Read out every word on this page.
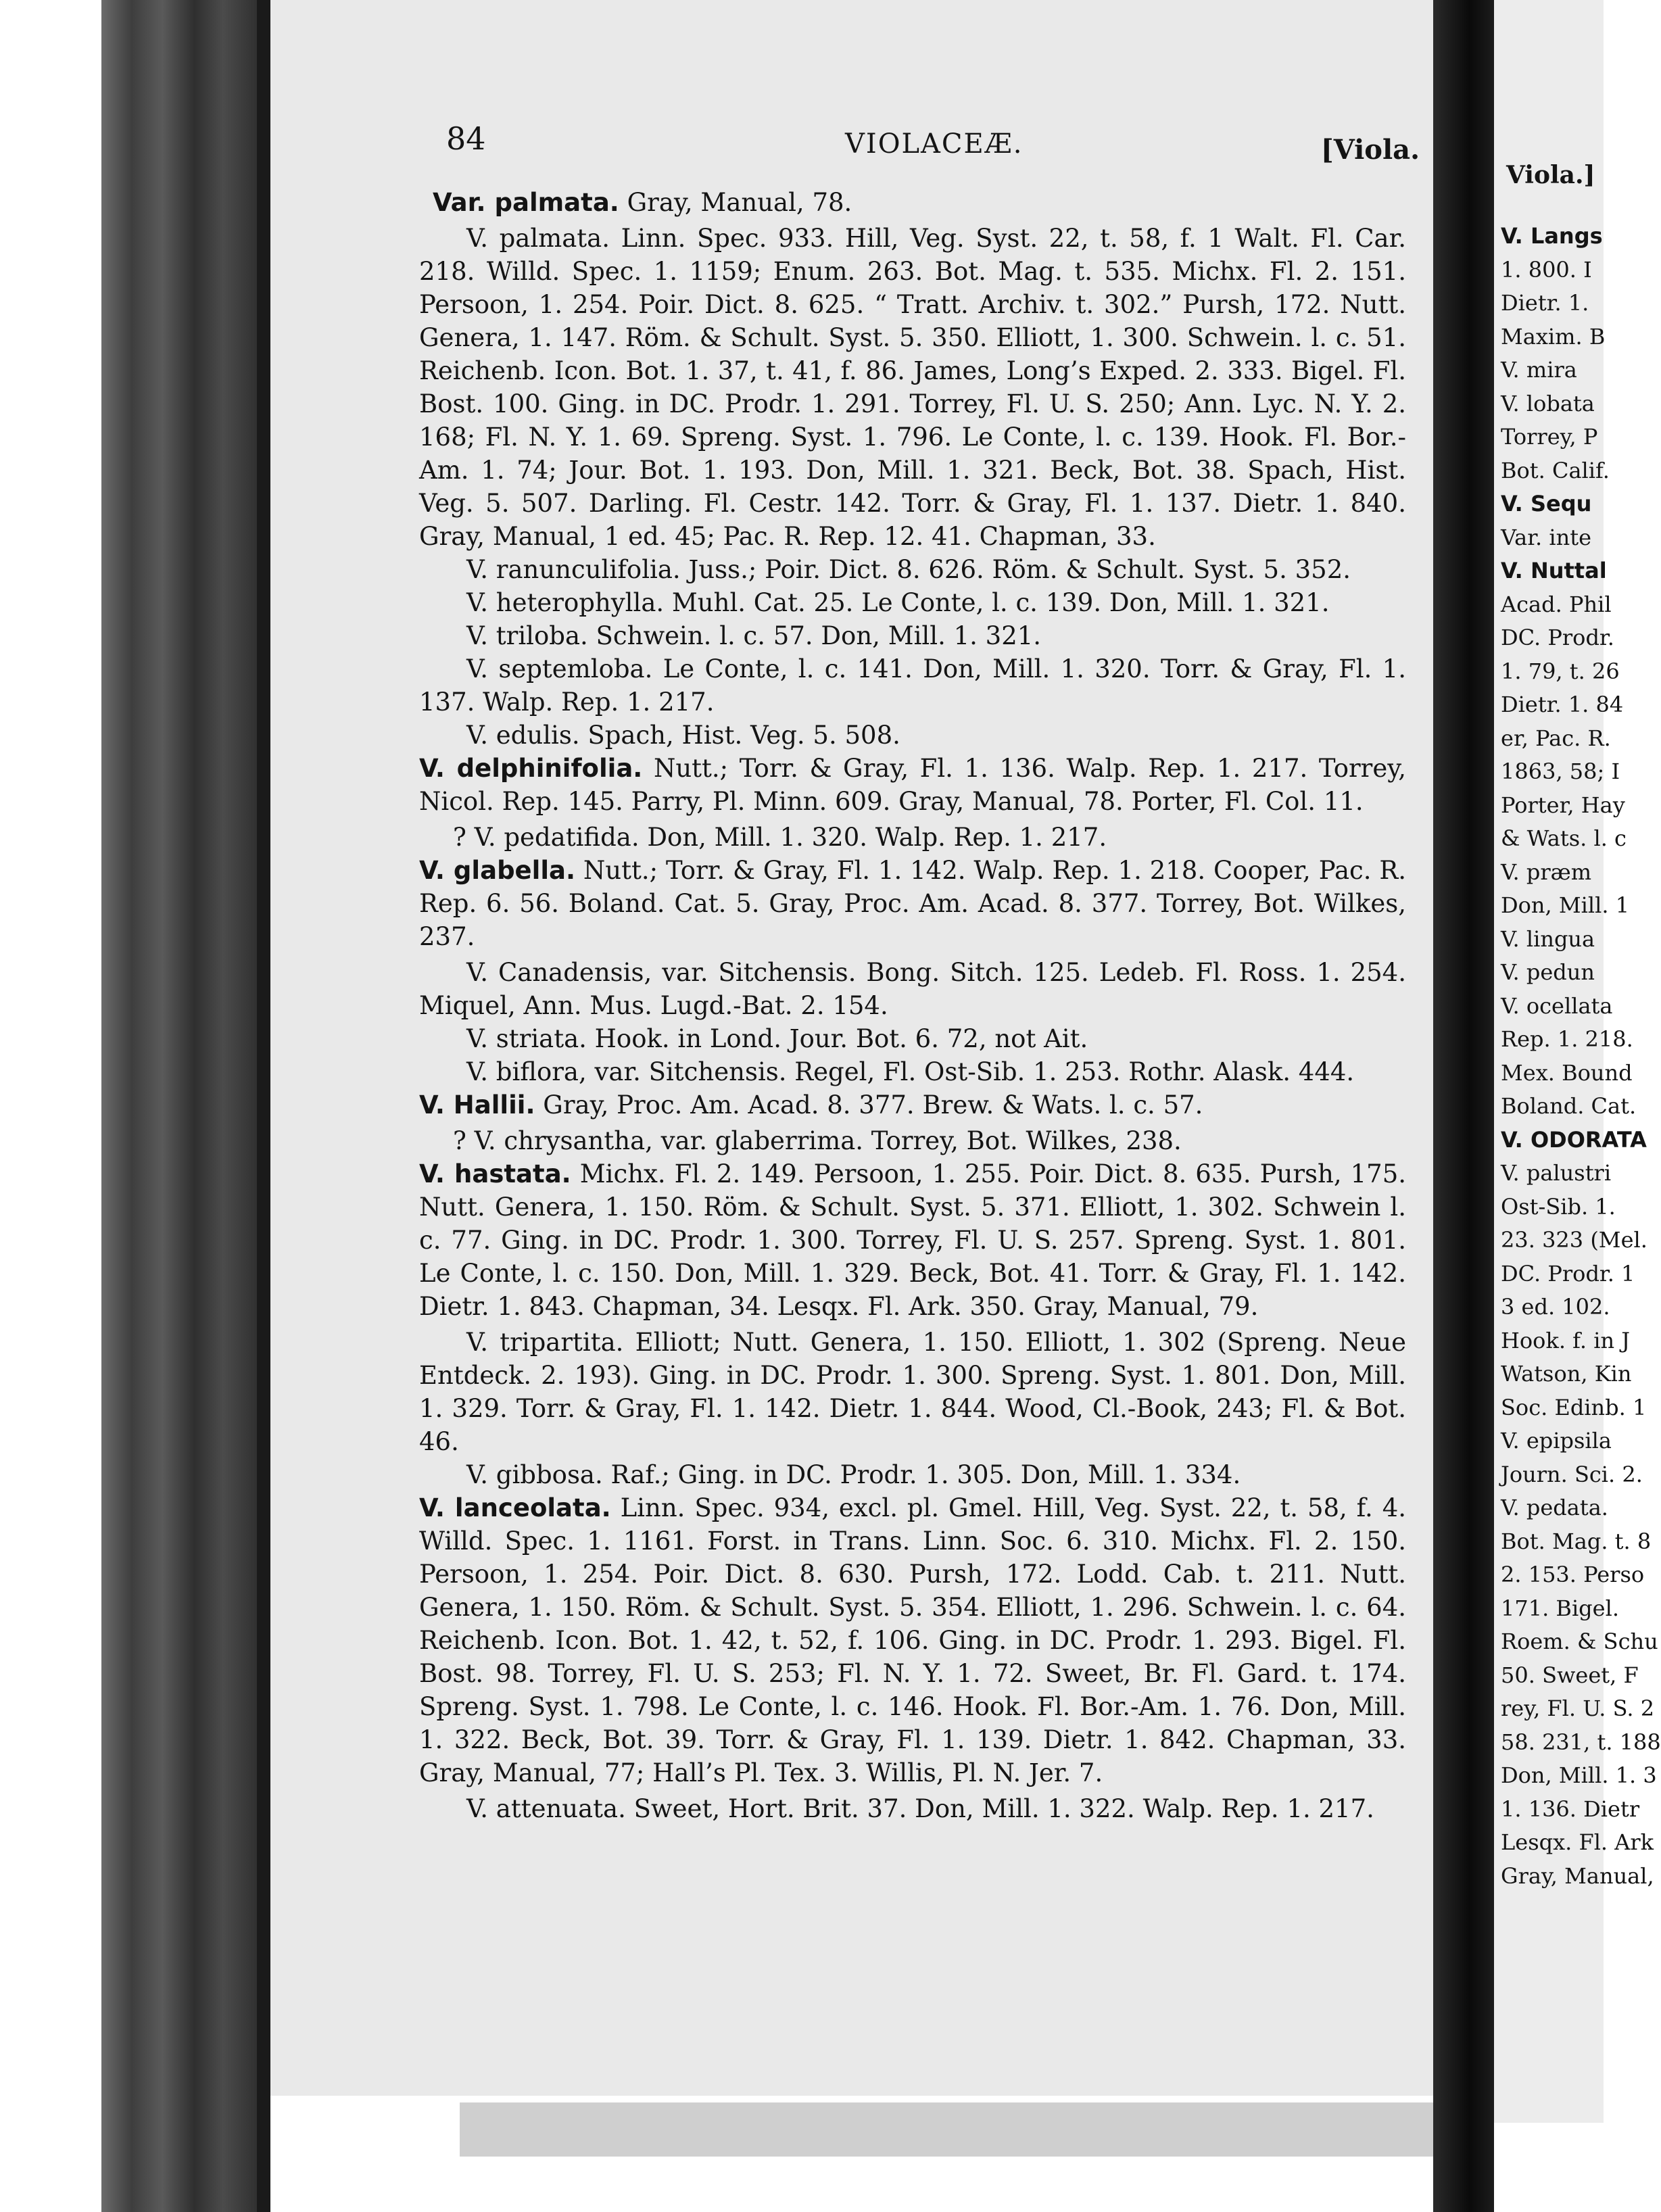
Viola.]
V. Langs
1. 800. I
Dietr. 1.
Maxim. B
V. mira
V. lobata
Torrey, P
Bot. Calif.
V. Sequ
Var. inte
V. Nuttal
Acad. Phil
DC. Prodr.
1. 79, t. 26
Dietr. 1. 84
er, Pac. R.
1863, 58; I
Porter, Hay
& Wats. l. c
V. præm
Don, Mill. 1
V. lingua
V. pedun
V. ocellata
Rep. 1. 218.
Mex. Bound
Boland. Cat.
V. ODORATA
V. palustri
Ost-Sib. 1.
23. 323 (Mel.
DC. Prodr. 1
3 ed. 102.
Hook. f. in J
Watson, Kin
Soc. Edinb. 1
V. epipsila
Journ. Sci. 2.
V. pedata.
Bot. Mag. t. 8
2. 153. Perso
171. Bigel.
Roem. & Schu
50. Sweet, F
rey, Fl. U. S. 2
58. 231, t. 188
Don, Mill. 1. 3
1. 136. Dietr
Lesqx. Fl. Ark
Gray, Manual,
84	VIOLACEÆ.	[Viola.
Var. palmata. Gray, Manual, 78.
V. palmata. Linn. Spec. 933. Hill, Veg. Syst. 22, t. 58, f. 1 Walt. Fl. Car. 218. Willd. Spec. 1. 1159; Enum. 263. Bot. Mag. t. 535. Michx. Fl. 2. 151. Persoon, 1. 254. Poir. Dict. 8. 625. “ Tratt. Archiv. t. 302.” Pursh, 172. Nutt. Genera, 1. 147. Röm. & Schult. Syst. 5. 350. Elliott, 1. 300. Schwein. l. c. 51. Reichenb. Icon. Bot. 1. 37, t. 41, f. 86. James, Long’s Exped. 2. 333. Bigel. Fl. Bost. 100. Ging. in DC. Prodr. 1. 291. Torrey, Fl. U. S. 250; Ann. Lyc. N. Y. 2. 168; Fl. N. Y. 1. 69. Spreng. Syst. 1. 796. Le Conte, l. c. 139. Hook. Fl. Bor.-Am. 1. 74; Jour. Bot. 1. 193. Don, Mill. 1. 321. Beck, Bot. 38. Spach, Hist. Veg. 5. 507. Darling. Fl. Cestr. 142. Torr. & Gray, Fl. 1. 137. Dietr. 1. 840. Gray, Manual, 1 ed. 45; Pac. R. Rep. 12. 41. Chapman, 33.
V. ranunculifolia. Juss.; Poir. Dict. 8. 626. Röm. & Schult. Syst. 5. 352.
V. heterophylla. Muhl. Cat. 25. Le Conte, l. c. 139. Don, Mill. 1. 321.
V. triloba. Schwein. l. c. 57. Don, Mill. 1. 321.
V. septemloba. Le Conte, l. c. 141. Don, Mill. 1. 320. Torr. & Gray, Fl. 1. 137. Walp. Rep. 1. 217.
V. edulis. Spach, Hist. Veg. 5. 508.
V. delphinifolia. Nutt.; Torr. & Gray, Fl. 1. 136. Walp. Rep. 1. 217. Torrey, Nicol. Rep. 145. Parry, Pl. Minn. 609. Gray, Manual, 78. Porter, Fl. Col. 11.
? V. pedatifida. Don, Mill. 1. 320. Walp. Rep. 1. 217.
V. glabella. Nutt.; Torr. & Gray, Fl. 1. 142. Walp. Rep. 1. 218. Cooper, Pac. R. Rep. 6. 56. Boland. Cat. 5. Gray, Proc. Am. Acad. 8. 377. Torrey, Bot. Wilkes, 237.
V. Canadensis, var. Sitchensis. Bong. Sitch. 125. Ledeb. Fl. Ross. 1. 254. Miquel, Ann. Mus. Lugd.-Bat. 2. 154.
V. striata. Hook. in Lond. Jour. Bot. 6. 72, not Ait.
V. biflora, var. Sitchensis. Regel, Fl. Ost-Sib. 1. 253. Rothr. Alask. 444.
V. Hallii. Gray, Proc. Am. Acad. 8. 377. Brew. & Wats. l. c. 57.
? V. chrysantha, var. glaberrima. Torrey, Bot. Wilkes, 238.
V. hastata. Michx. Fl. 2. 149. Persoon, 1. 255. Poir. Dict. 8. 635. Pursh, 175. Nutt. Genera, 1. 150. Röm. & Schult. Syst. 5. 371. Elliott, 1. 302. Schwein l. c. 77. Ging. in DC. Prodr. 1. 300. Torrey, Fl. U. S. 257. Spreng. Syst. 1. 801. Le Conte, l. c. 150. Don, Mill. 1. 329. Beck, Bot. 41. Torr. & Gray, Fl. 1. 142. Dietr. 1. 843. Chapman, 34. Lesqx. Fl. Ark. 350. Gray, Manual, 79.
V. tripartita. Elliott; Nutt. Genera, 1. 150. Elliott, 1. 302 (Spreng. Neue Entdeck. 2. 193). Ging. in DC. Prodr. 1. 300. Spreng. Syst. 1. 801. Don, Mill. 1. 329. Torr. & Gray, Fl. 1. 142. Dietr. 1. 844. Wood, Cl.-Book, 243; Fl. & Bot. 46.
V. gibbosa. Raf.; Ging. in DC. Prodr. 1. 305. Don, Mill. 1. 334.
V. lanceolata. Linn. Spec. 934, excl. pl. Gmel. Hill, Veg. Syst. 22, t. 58, f. 4. Willd. Spec. 1. 1161. Forst. in Trans. Linn. Soc. 6. 310. Michx. Fl. 2. 150. Persoon, 1. 254. Poir. Dict. 8. 630. Pursh, 172. Lodd. Cab. t. 211. Nutt. Genera, 1. 150. Röm. & Schult. Syst. 5. 354. Elliott, 1. 296. Schwein. l. c. 64. Reichenb. Icon. Bot. 1. 42, t. 52, f. 106. Ging. in DC. Prodr. 1. 293. Bigel. Fl. Bost. 98. Torrey, Fl. U. S. 253; Fl. N. Y. 1. 72. Sweet, Br. Fl. Gard. t. 174. Spreng. Syst. 1. 798. Le Conte, l. c. 146. Hook. Fl. Bor.-Am. 1. 76. Don, Mill. 1. 322. Beck, Bot. 39. Torr. & Gray, Fl. 1. 139. Dietr. 1. 842. Chapman, 33. Gray, Manual, 77; Hall’s Pl. Tex. 3. Willis, Pl. N. Jer. 7.
V. attenuata. Sweet, Hort. Brit. 37. Don, Mill. 1. 322. Walp. Rep. 1. 217.
